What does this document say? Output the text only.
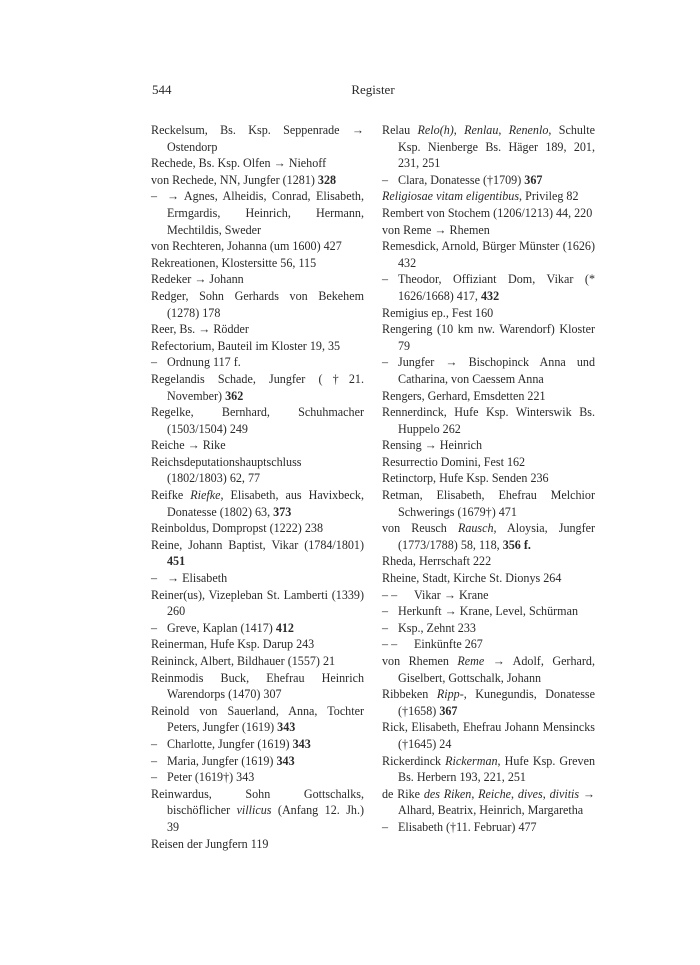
544	Register

Reckelsum, Bs. Ksp. Seppenrade → Ostendorp

Rechede, Bs. Ksp. Olfen → Niehoff

von Rechede, NN, Jungfer (1281) 328

– → Agnes, Alheidis, Conrad, Elisabeth, Ermgardis, Heinrich, Hermann, Mechtildis, Sweder

von Rechteren, Johanna (um 1600) 427

Rekreationen, Klostersitte 56, 115

Redeker → Johann

Redger, Sohn Gerhards von Bekehem (1278) 178

Reer, Bs. → Rödder

Refectorium, Bauteil im Kloster 19, 35

– Ordnung 117 f.

Regelandis Schade, Jungfer (†21. November) 362

Regelke, Bernhard, Schuhmacher (1503/1504) 249

Reiche → Rike

Reichsdeputationshauptschluss (1802/1803) 62, 77

Reifke Riefke, Elisabeth, aus Havixbeck, Donatesse (1802) 63, 373

Reinboldus, Dompropst (1222) 238

Reine, Johann Baptist, Vikar (1784/1801) 451

– → Elisabeth

Reiner(us), Vizepleban St. Lamberti (1339) 260

– Greve, Kaplan (1417) 412

Reinerman, Hufe Ksp. Darup 243

Reininck, Albert, Bildhauer (1557) 21

Reinmodis Buck, Ehefrau Heinrich Warendorps (1470) 307

Reinold von Sauerland, Anna, Tochter Peters, Jungfer (1619) 343

– Charlotte, Jungfer (1619) 343

– Maria, Jungfer (1619) 343

– Peter (1619†) 343

Reinwardus, Sohn Gottschalks, bischöflicher villicus (Anfang 12. Jh.) 39

Reisen der Jungfern 119

Relau Relo(h), Renlau, Renenlo, Schulte Ksp. Nienberge Bs. Häger 189, 201, 231, 251

– Clara, Donatesse (†1709) 367

Religiosae vitam eligentibus, Privileg 82

Rembert von Stochem (1206/1213) 44, 220

von Reme → Rhemen

Remesdick, Arnold, Bürger Münster (1626) 432

– Theodor, Offiziant Dom, Vikar (* 1626/1668) 417, 432

Remigius ep., Fest 160

Rengering (10 km nw. Warendorf) Kloster 79

– Jungfer → Bischopinck Anna und Catharina, von Caessem Anna

Rengers, Gerhard, Emsdetten 221

Rennerdinck, Hufe Ksp. Winterswik Bs. Huppelo 262

Rensing → Heinrich

Resurrectio Domini, Fest 162

Retinctorp, Hufe Ksp. Senden 236

Retman, Elisabeth, Ehefrau Melchior Schwerings (1679†) 471

von Reusch Rausch, Aloysia, Jungfer (1773/1788) 58, 118, 356 f.

Rheda, Herrschaft 222

Rheine, Stadt, Kirche St. Dionys 264

– – Vikar → Krane

– Herkunft → Krane, Level, Schürman

– Ksp., Zehnt 233

– – Einkünfte 267

von Rhemen Reme → Adolf, Gerhard, Giselbert, Gottschalk, Johann

Ribbeken Ripp-, Kunegundis, Donatesse (†1658) 367

Rick, Elisabeth, Ehefrau Johann Mensincks (†1645) 24

Rickerdinck Rickerman, Hufe Ksp. Greven Bs. Herbern 193, 221, 251

de Rike des Riken, Reiche, dives, divitis → Alhard, Beatrix, Heinrich, Margaretha

– Elisabeth (†11. Februar) 477
